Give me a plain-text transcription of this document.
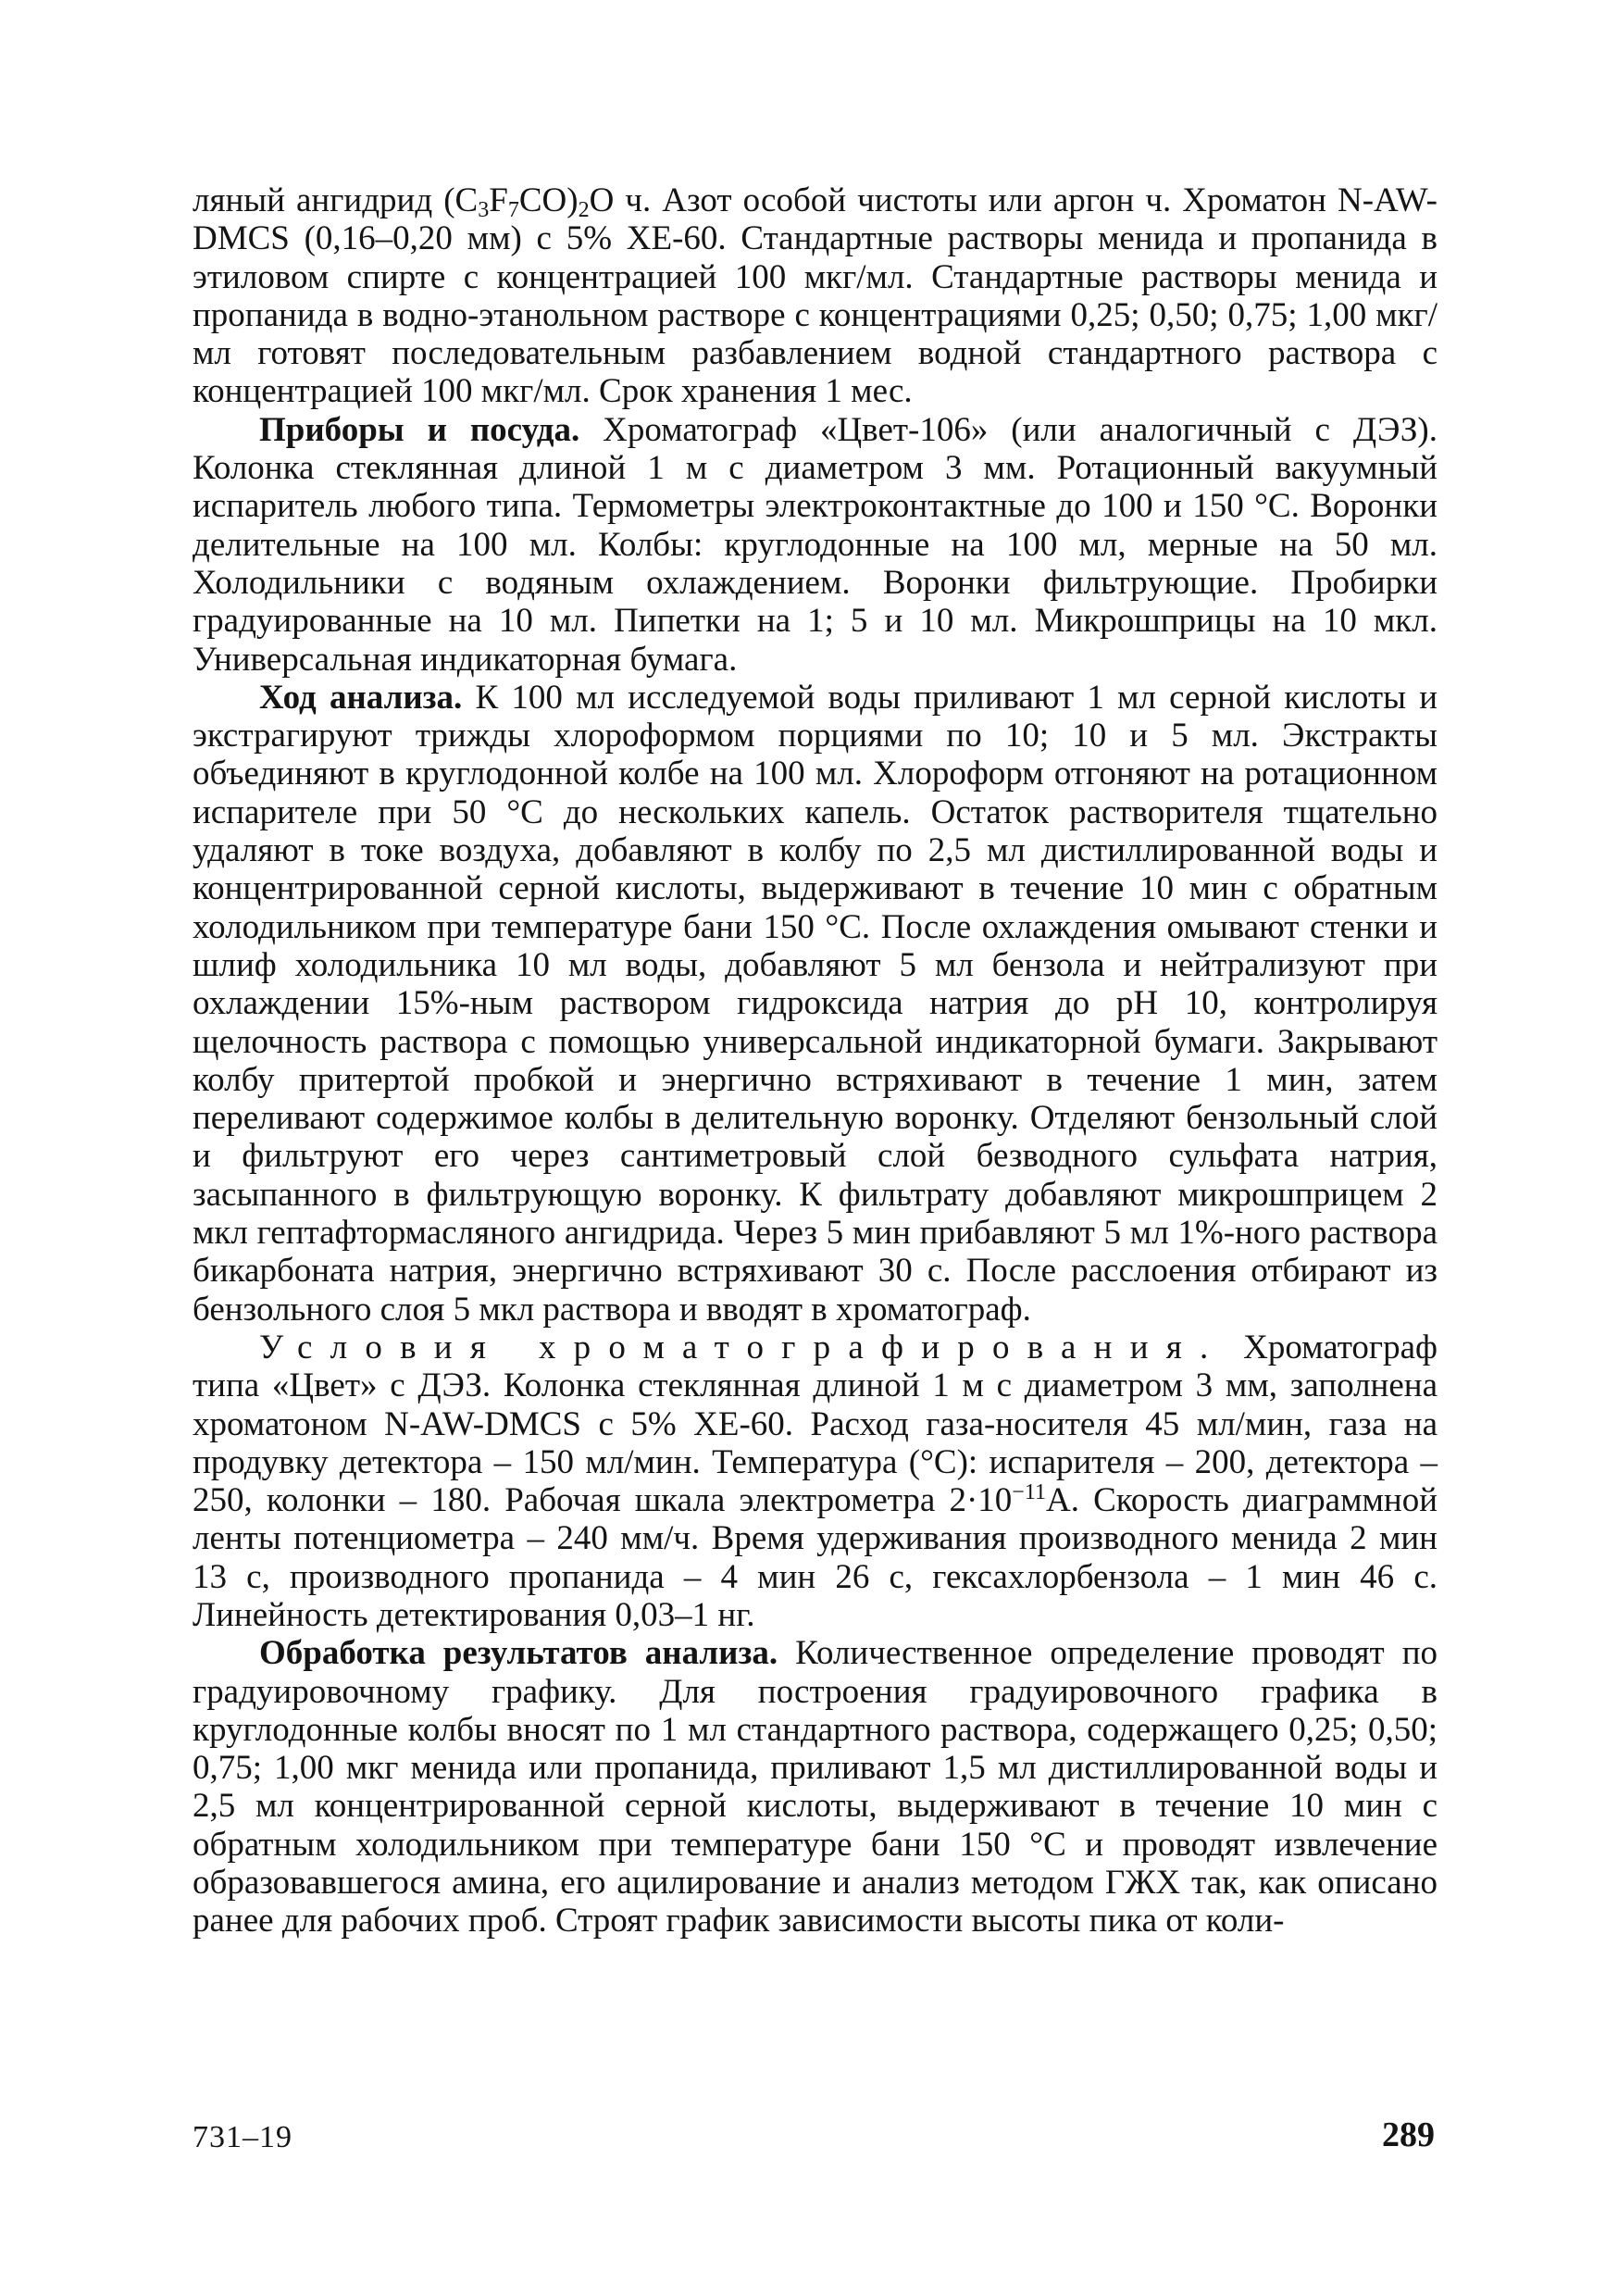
ляный ангидрид $(C_3F_7CO)_2O$ ч. Азот особой чистоты или аргон ч. Хроматон N-AW-DMCS (0,16–0,20 мм) с 5% XE-60. Стандартные растворы менида и пропанида в этиловом спирте с концентрацией 100 мкг/мл. Стандартные растворы менида и пропанида в водно-этанольном растворе с концентрациями 0,25; 0,50; 0,75; 1,00 мкг/мл готовят последовательным разбавлением водной стандартного раствора с концентрацией 100 мкг/мл. Срок хранения 1 мес.

Приборы и посуда. Хроматограф «Цвет-106» (или аналогичный с ДЭЗ). Колонка стеклянная длиной 1 м с диаметром 3 мм. Ротационный вакуумный испаритель любого типа. Термометры электроконтактные до 100 и 150 °С. Воронки делительные на 100 мл. Колбы: круглодонные на 100 мл, мерные на 50 мл. Холодильники с водяным охлаждением. Воронки фильтрующие. Пробирки градуированные на 10 мл. Пипетки на 1; 5 и 10 мл. Микрошприцы на 10 мкл. Универсальная индикаторная бумага.

Ход анализа. К 100 мл исследуемой воды приливают 1 мл серной кислоты и экстрагируют трижды хлороформом порциями по 10; 10 и 5 мл. Экстракты объединяют в круглодонной колбе на 100 мл. Хлороформ отгоняют на ротационном испарителе при 50 °С до нескольких капель. Остаток растворителя тщательно удаляют в токе воздуха, добавляют в колбу по 2,5 мл дистиллированной воды и концентрированной серной кислоты, выдерживают в течение 10 мин с обратным холодильником при температуре бани 150 °С. После охлаждения омывают стенки и шлиф холодильника 10 мл воды, добавляют 5 мл бензола и нейтрализуют при охлаждении 15%-ным раствором гидроксида натрия до pH 10, контролируя щелочность раствора с помощью универсальной индикаторной бумаги. Закрывают колбу притертой пробкой и энергично встряхивают в течение 1 мин, затем переливают содержимое колбы в делительную воронку. Отделяют бензольный слой и фильтруют его через сантиметровый слой безводного сульфата натрия, засыпанного в фильтрующую воронку. К фильтрату добавляют микрошприцем 2 мкл гептафтормасляного ангидрида. Через 5 мин прибавляют 5 мл 1%-ного раствора бикарбоната натрия, энергично встряхивают 30 с. После расслоения отбирают из бензольного слоя 5 мкл раствора и вводят в хроматограф.

Условия хроматографирования. Хроматограф типа «Цвет» с ДЭЗ. Колонка стеклянная длиной 1 м с диаметром 3 мм, заполнена хроматоном N-AW-DMCS с 5% XE-60. Расход газа-носителя 45 мл/мин, газа на продувку детектора – 150 мл/мин. Температура (°С): испарителя – 200, детектора – 250, колонки – 180. Рабочая шкала электрометра $2\cdot 10^{-11}А$. Скорость диаграммной ленты потенциометра – 240 мм/ч. Время удерживания производного менида 2 мин 13 с, производного пропанида – 4 мин 26 с, гексахлорбензола – 1 мин 46 с. Линейность детектирования 0,03–1 нг.

Обработка результатов анализа. Количественное определение проводят по градуировочному графику. Для построения градуировочного графика в круглодонные колбы вносят по 1 мл стандартного раствора, содержащего 0,25; 0,50; 0,75; 1,00 мкг менида или пропанида, приливают 1,5 мл дистиллированной воды и 2,5 мл концентрированной серной кислоты, выдерживают в течение 10 мин с обратным холодильником при температуре бани 150 °С и проводят извлечение образовавшегося амина, его ацилирование и анализ методом ГЖХ так, как описано ранее для рабочих проб. Строят график зависимости высоты пика от коли-

731–19	289
